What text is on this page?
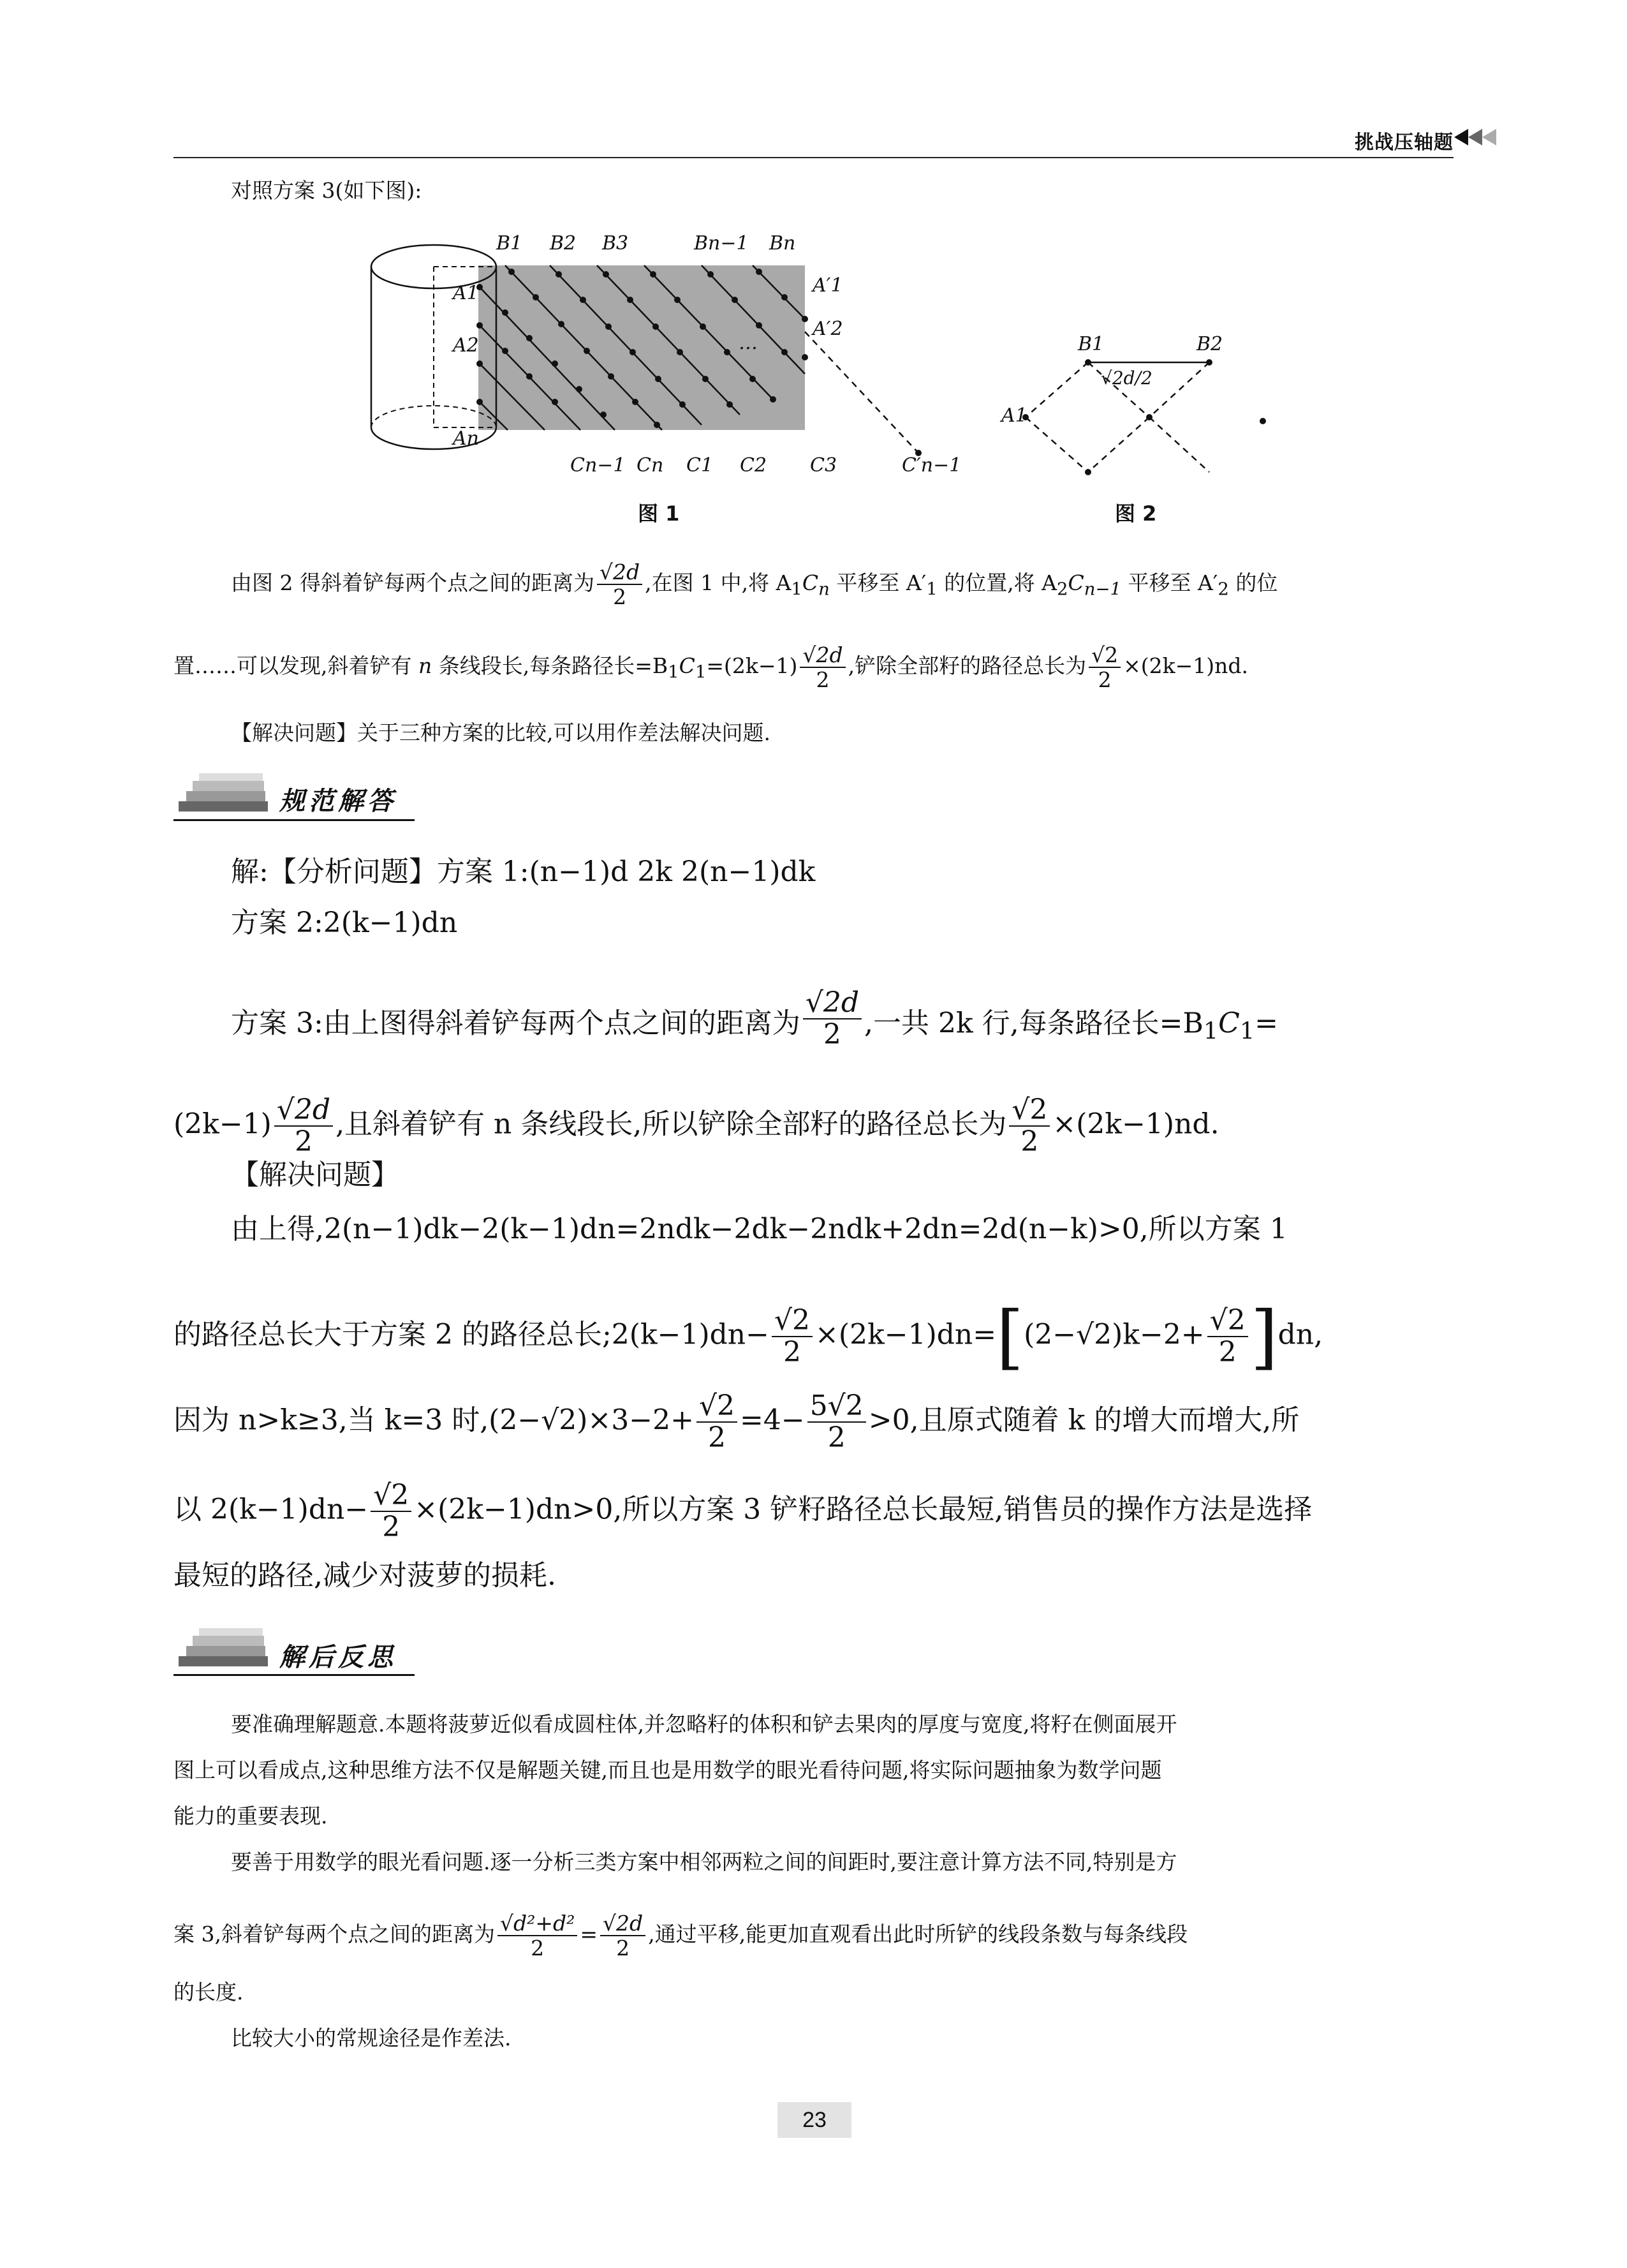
挑战压轴题
对照方案 3(如下图):
B1 B2 B3	Bn−1 Bn
A1
A2
An
A′1
A′2
…
Cn−1 Cn C1 C2 C3	C′n−1
图 1
B1	B2
A1
√2d/2
图 2
由图 2 得斜着铲每两个点之间的距离为 $\frac{√2d}{2}$ ,在图 1 中,将 $A_1C_n$ 平移至 $A'_1$ 的位置,将 $A_2C_{n-1}$ 平移至 $A'_2$ 的位
置……可以发现,斜着铲有 n 条线段长,每条路径长$=B_1C_1=(2k-1) \frac{√2d}{2}$ ,铲除全部籽的路径总长为 $\frac{√2}{2} \times(2k-1)nd$.
【解决问题】关于三种方案的比较,可以用作差法解决问题.
规范解答
解:【分析问题】方案 1:(n−1)d 2k 2(n−1)dk
方案 2:2(k−1)dn
方案 3:由上图得斜着铲每两个点之间的距离为 $\frac{√2d}{2}$ ,一共 2k 行,每条路径长$=B_1C_1=$
$(2k-1) \frac{√2d}{2}$ ,且斜着铲有 n 条线段长,所以铲除全部籽的路径总长为 $\frac{√2}{2} \times(2k-1)nd$.
【解决问题】
由上得,2(n−1)dk−2(k−1)dn=2ndk−2dk−2ndk+2dn=2d(n−k)>0,所以方案 1
的路径总长大于方案 2 的路径总长;2(k−1)dn− $\frac{√2}{2} \times(2k-1)dn=[(2-√2)k-2+ \frac{√2}{2} ]dn$,
因为 n>k≥3,当 k=3 时$,(2-√2)\times 3-2+ \frac{√2}{2} =4- \frac{5√2}{2} >0$,且原式随着 k 的增大而增大,所
以 $2(k-1)dn- \frac{√2}{2} \times(2k-1)dn>0$,所以方案 3 铲籽路径总长最短,销售员的操作方法是选择
最短的路径,减少对菠萝的损耗.
解后反思
要准确理解题意.本题将菠萝近似看成圆柱体,并忽略籽的体积和铲去果肉的厚度与宽度,将籽在侧面展开
图上可以看成点,这种思维方法不仅是解题关键,而且也是用数学的眼光看待问题,将实际问题抽象为数学问题
能力的重要表现.
要善于用数学的眼光看问题.逐一分析三类方案中相邻两粒之间的间距时,要注意计算方法不同,特别是方
案 3,斜着铲每两个点之间的距离为 $\frac{\text{√d²+d²}}{2} = \frac{√2d}{2}$ ,通过平移,能更加直观看出此时所铲的线段条数与每条线段
的长度.
比较大小的常规途径是作差法.
23
